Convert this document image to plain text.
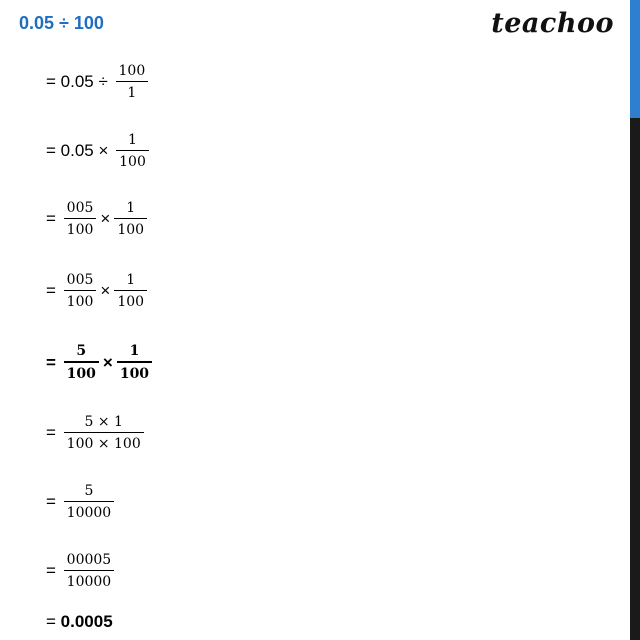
0.05 ÷ 100	teachoo
= $0.05 \div \frac{100}{1}$
= $0.05 \times \frac{1}{100}$
= $\frac{005}{100} \times \frac{1}{100}$
= $\frac{005}{100} \times \frac{1}{100}$
= $\frac{5}{100} \times \frac{1}{100}$
= $\frac{5 \times 1}{100 \times 100}$
= $\frac{5}{10000}$
= $\frac{00005}{10000}$
= 0.0005
